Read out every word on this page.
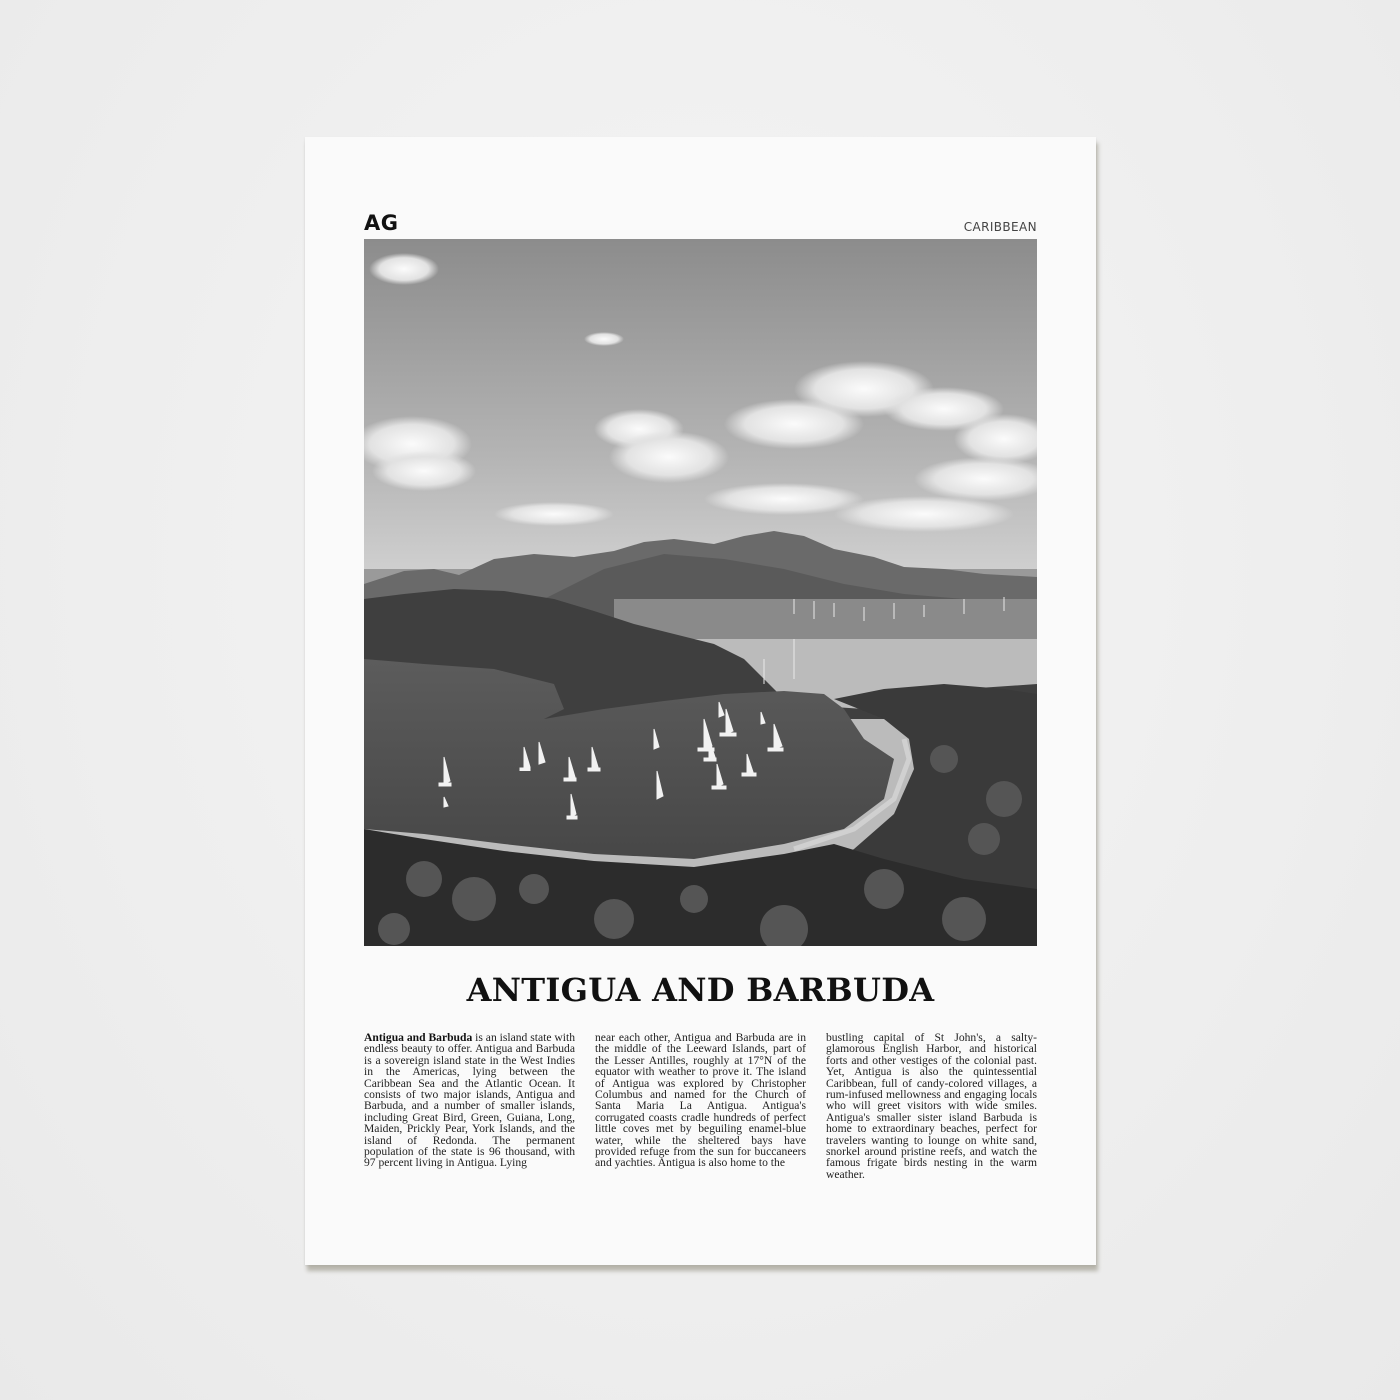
AG	CARIBBEAN
ANTIGUA AND BARBUDA
Antigua and Barbuda is an island state with endless beauty to offer. Antigua and Barbuda is a sovereign island state in the West Indies in the Americas, lying between the Caribbean Sea and the Atlantic Ocean. It consists of two major islands, Antigua and Barbuda, and a number of smaller islands, including Great Bird, Green, Guiana, Long, Maiden, Prickly Pear, York Islands, and the island of Redonda. The permanent population of the state is 96 thousand, with 97 percent living in Antigua. Lying
near each other, Antigua and Barbuda are in the middle of the Leeward Islands, part of the Lesser Antilles, roughly at 17°N of the equator with weather to prove it. The island of Antigua was explored by Christopher Columbus and named for the Church of Santa Maria La Antigua. Antigua's corrugated coasts cradle hundreds of perfect little coves met by beguiling enamel-blue water, while the sheltered bays have provided refuge from the sun for buccaneers and yachties. Antigua is also home to the
bustling capital of St John's, a salty-glamorous English Harbor, and historical forts and other vestiges of the colonial past. Yet, Antigua is also the quintessential Caribbean, full of candy-colored villages, a rum-infused mellowness and engaging locals who will greet visitors with wide smiles. Antigua's smaller sister island Barbuda is home to extraordinary beaches, perfect for travelers wanting to lounge on white sand, snorkel around pristine reefs, and watch the famous frigate birds nesting in the warm weather.
